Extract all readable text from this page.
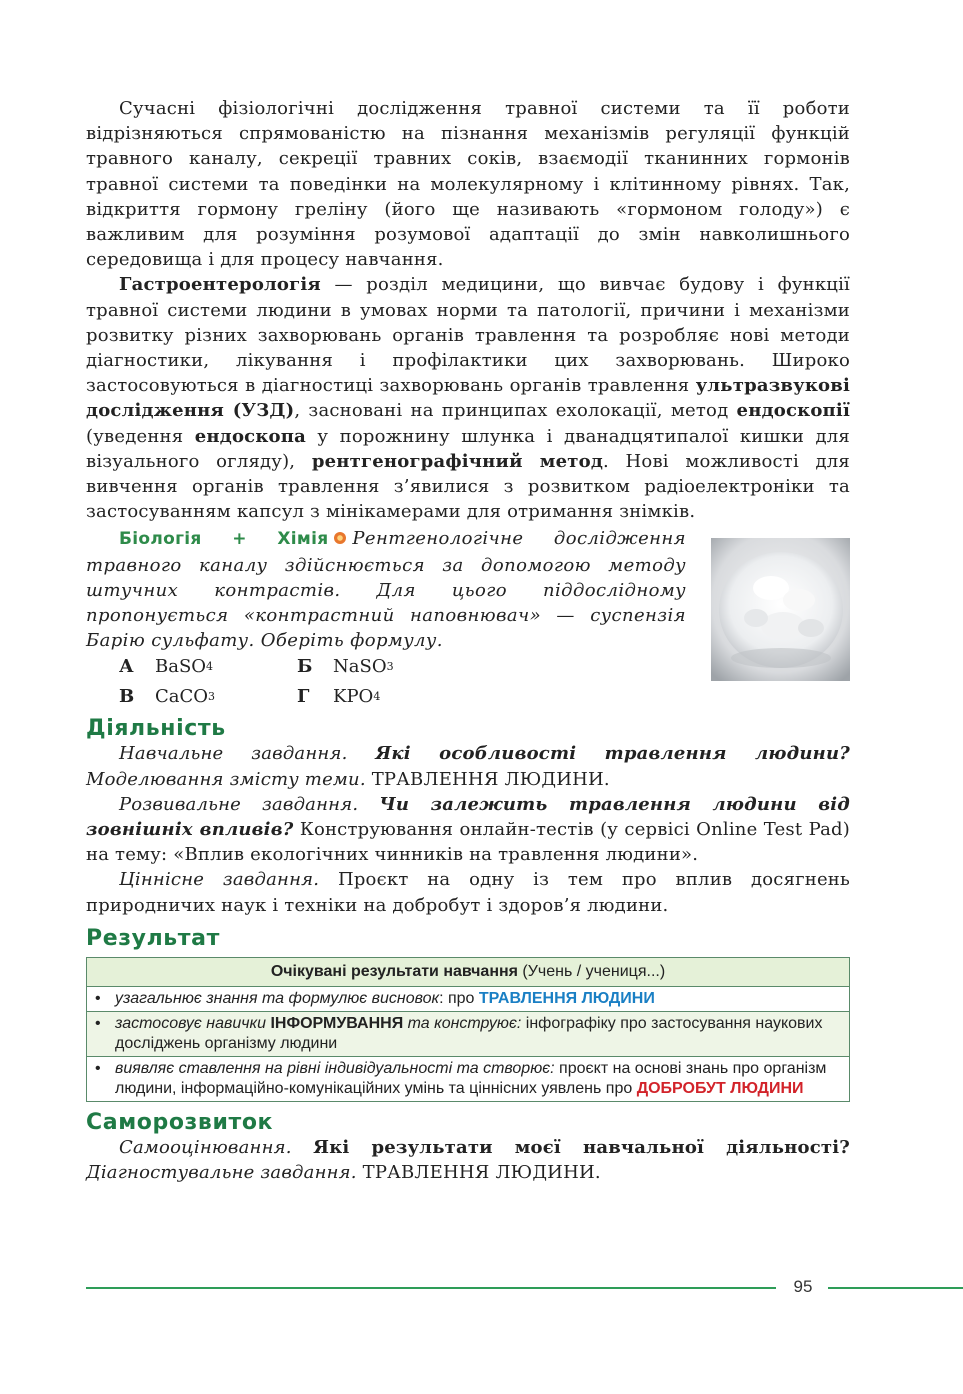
Сучасні фізіологічні дослідження травної системи та її роботи відрізняються спрямованістю на пізнання механізмів регуляції функцій травного каналу, секреції травних соків, взаємодії тканинних гормонів травної системи та поведінки на молекулярному і клітинному рівнях. Так, відкриття гормону греліну (його ще називають «гормоном голоду») є важливим для розуміння розумової адаптації до змін навколишнього середовища і для процесу навчання.

Гастроентерологія — розділ медицини, що вивчає будову і функції травної системи людини в умовах норми та патології, причини і механізми розвитку різних захворювань органів травлення та розробляє нові методи діагностики, лікування і профілактики цих захворювань. Широко застосовуються в діагностиці захворювань органів травлення ультразвукові дослідження (УЗД), засновані на принципах ехолокації, метод ендоскопії (уведення ендоскопа у порожнину шлунка і дванадцятипалої кишки для візуального огляду), рентгенографічний метод. Нові можливості для вивчення органів травлення з’явилися з розвитком радіоелектроніки та застосуванням капсул з мінікамерами для отримання знімків.

Біологія + Хімія Рентгенологічне дослідження травного каналу здійснюється за допомогою методу штучних контрастів. Для цього піддослідному пропонується «контрастний наповнювач» — суспензія Барію сульфату. Оберіть формулу.

А	BaSO 4	Б	NaSO 3
В	CaCO 3	Г	KPO 4
Діяльність

Навчальне завдання. Які особливості травлення людини? Моделювання змісту теми. ТРАВЛЕННЯ ЛЮДИНИ.

Розвивальне завдання. Чи залежить травлення людини від зовнішніх впливів? Конструювання онлайн-тестів (у сервісі Online Test Pad) на тему: «Вплив екологічних чинників на травлення людини».

Ціннісне завдання. Проєкт на одну із тем про вплив досягнень природничих наук і техніки на добробут і здоров’я людини.

Результат
Очікувані результати навчання (Учень / учениця...)

• узагальнює знання та формулює висновок: про ТРАВЛЕННЯ ЛЮДИНИ

• застосовує навички ІНФОРМУВАННЯ та конструює: інфографіку про застосування наукових досліджень організму людини

• виявляє ставлення на рівні індивідуальності та створює: проєкт на основі знань про організм людини, інформаційно-комунікаційних умінь та ціннісних уявлень про ДОБРОБУТ ЛЮДИНИ
Саморозвиток

Самооцінювання. Які результати моєї навчальної діяльності? Діагностувальне завдання. ТРАВЛЕННЯ ЛЮДИНИ.

95
